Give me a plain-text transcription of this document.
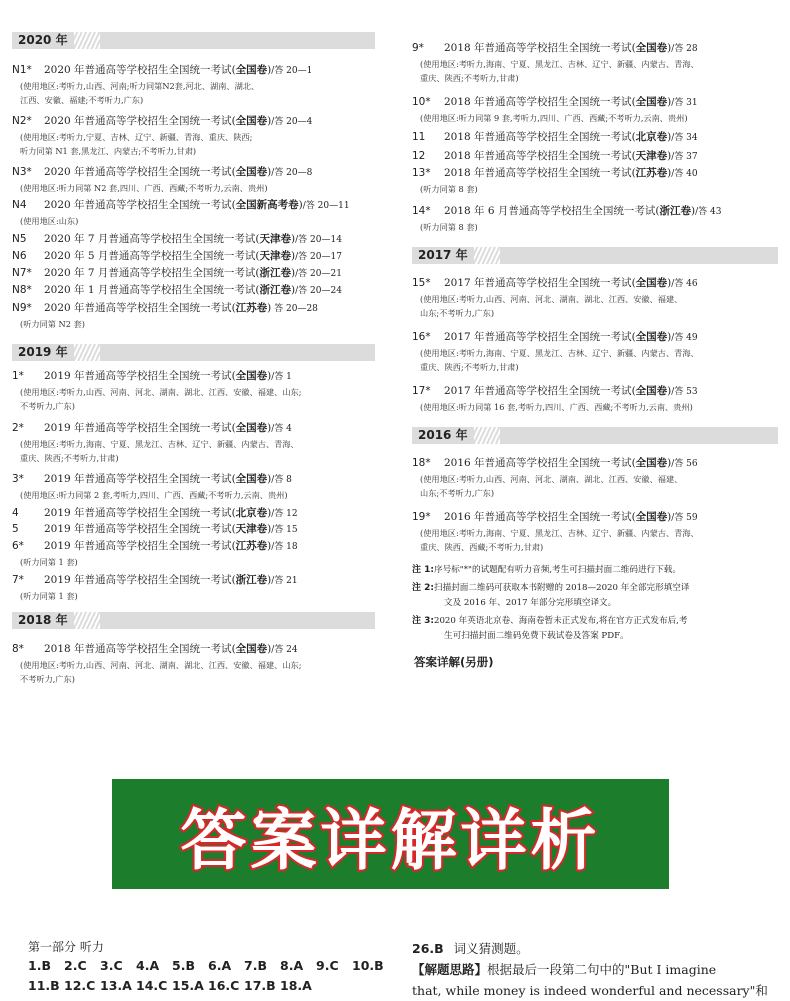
2020 年
N1* 2020 年普通高等学校招生全国统一考试(全国卷)/答 20—1
(使用地区:考听力,山西、河南;听力同第N2套,河北、湖南、湖北、
江西、安徽、福建;不考听力,广东)
N2* 2020 年普通高等学校招生全国统一考试(全国卷)/答 20—4
(使用地区:考听力,宁夏、吉林、辽宁、新疆、青海、重庆、陕西;
听力同第 N1 套,黑龙江、内蒙古;不考听力,甘肃)
N3* 2020 年普通高等学校招生全国统一考试(全国卷)/答 20—8
(使用地区:听力同第 N2 套,四川、广西、西藏;不考听力,云南、贵州)
N4 2020 年普通高等学校招生全国统一考试(全国新高考卷)/答 20—11
(使用地区:山东)
N5 2020 年 7 月普通高等学校招生全国统一考试(天津卷)/答 20—14
N6 2020 年 5 月普通高等学校招生全国统一考试(天津卷)/答 20—17
N7* 2020 年 7 月普通高等学校招生全国统一考试(浙江卷)/答 20—21
N8* 2020 年 1 月普通高等学校招生全国统一考试(浙江卷)/答 20—24
N9* 2020 年普通高等学校招生全国统一考试(江苏卷) 答 20—28
(听力同第 N2 套)
2019 年
1* 2019 年普通高等学校招生全国统一考试(全国卷)/答 1
(使用地区:考听力,山西、河南、河北、湖南、湖北、江西、安徽、福建、山东;
不考听力,广东)
2* 2019 年普通高等学校招生全国统一考试(全国卷)/答 4
(使用地区:考听力,海南、宁夏、黑龙江、吉林、辽宁、新疆、内蒙古、青海、
重庆、陕西;不考听力,甘肃)
3* 2019 年普通高等学校招生全国统一考试(全国卷)/答 8
(使用地区:听力同第 2 套,考听力,四川、广西、西藏;不考听力,云南、贵州)
4 2019 年普通高等学校招生全国统一考试(北京卷)/答 12
5 2019 年普通高等学校招生全国统一考试(天津卷)/答 15
6* 2019 年普通高等学校招生全国统一考试(江苏卷)/答 18
(听力同第 1 套)
7* 2019 年普通高等学校招生全国统一考试(浙江卷)/答 21
(听力同第 1 套)
2018 年
8* 2018 年普通高等学校招生全国统一考试(全国卷)/答 24
(使用地区:考听力,山西、河南、河北、湖南、湖北、江西、安徽、福建、山东;
不考听力,广东)
9* 2018 年普通高等学校招生全国统一考试(全国卷)/答 28
(使用地区:考听力,海南、宁夏、黑龙江、吉林、辽宁、新疆、内蒙古、青海、
重庆、陕西;不考听力,甘肃)
10* 2018 年普通高等学校招生全国统一考试(全国卷)/答 31
(使用地区:听力同第 9 套,考听力,四川、广西、西藏;不考听力,云南、贵州)
11 2018 年普通高等学校招生全国统一考试(北京卷)/答 34
12 2018 年普通高等学校招生全国统一考试(天津卷)/答 37
13* 2018 年普通高等学校招生全国统一考试(江苏卷)/答 40
(听力同第 8 套)
14* 2018 年 6 月普通高等学校招生全国统一考试(浙江卷)/答 43
(听力同第 8 套)
2017 年
15* 2017 年普通高等学校招生全国统一考试(全国卷)/答 46
(使用地区:考听力,山西、河南、河北、湖南、湖北、江西、安徽、福建、
山东;不考听力,广东)
16* 2017 年普通高等学校招生全国统一考试(全国卷)/答 49
(使用地区:考听力,海南、宁夏、黑龙江、吉林、辽宁、新疆、内蒙古、青海、
重庆、陕西;不考听力,甘肃)
17* 2017 年普通高等学校招生全国统一考试(全国卷)/答 53
(使用地区:听力同第 16 套,考听力,四川、广西、西藏;不考听力,云南、贵州)
2016 年
18* 2016 年普通高等学校招生全国统一考试(全国卷)/答 56
(使用地区:考听力,山西、河南、河北、湖南、湖北、江西、安徽、福建、
山东;不考听力,广东)
19* 2016 年普通高等学校招生全国统一考试(全国卷)/答 59
(使用地区:考听力,海南、宁夏、黑龙江、吉林、辽宁、新疆、内蒙古、青海、
重庆、陕西、西藏;不考听力,甘肃)
注 1:序号标"*"的试题配有听力音频,考生可扫描封面二维码进行下载。
注 2:扫描封面二维码可获取本书附赠的 2018—2020 年全部完形填空译
文及 2016 年、2017 年部分完形填空译文。
注 3:2020 年英语北京卷、海南卷暂未正式发布,将在官方正式发布后,考
生可扫描封面二维码免费下载试卷及答案 PDF。
答案详解(另册)
答案详解详析
第一部分 听力
1.B 2.C 3.C 4.A 5.B 6.A 7.B 8.A 9.C 10.B
11.B 12.C 13.A 14.C 15.A 16.C 17.B 18.A
26.B 词义猜测题。
【解题思路】根据最后一段第二句中的"But I imagine
that, while money is indeed wonderful and necessary"和
